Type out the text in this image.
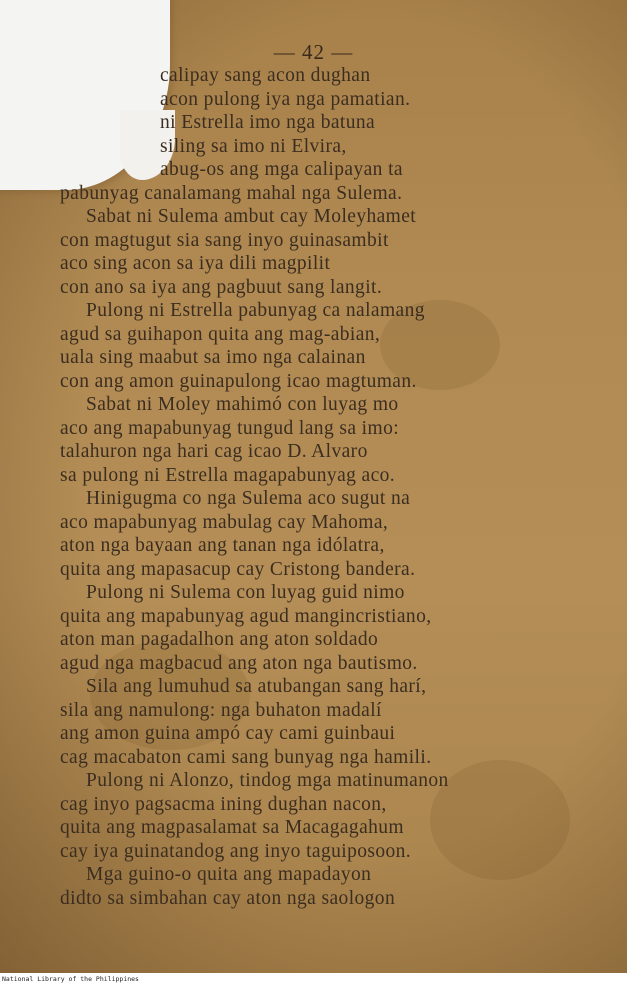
— 42 —
calipay sang acon dughan
acon pulong iya nga pamatian.
ni Estrella imo nga batuna
siling sa imo ni Elvira,
abug-os ang mga calipayan ta
pabunyag canalamang mahal nga Sulema.
Sabat ni Sulema ambut cay Moleyhamet
con magtugut sia sang inyo guinasambit
aco sing acon sa iya dili magpilit
con ano sa iya ang pagbuut sang langit.
Pulong ni Estrella pabunyag ca nalamang
agud sa guihapon quita ang mag-abian,
uala sing maabut sa imo nga calainan
con ang amon guinapulong icao magtuman.
Sabat ni Moley mahimó con luyag mo
aco ang mapabunyag tungud lang sa imo:
talahuron nga hari cag icao D. Alvaro
sa pulong ni Estrella magapabunyag aco.
Hinigugma co nga Sulema aco sugut na
aco mapabunyag mabulag cay Mahoma,
aton nga bayaan ang tanan nga idólatra,
quita ang mapasacup cay Cristong bandera.
Pulong ni Sulema con luyag guid nimo
quita ang mapabunyag agud mangincristiano,
aton man pagadalhon ang aton soldado
agud nga magbacud ang aton nga bautismo.
Sila ang lumuhud sa atubangan sang harí,
sila ang namulong: nga buhaton madalí
ang amon guina ampó cay cami guinbaui
cag macabaton cami sang bunyag nga hamili.
Pulong ni Alonzo, tindog mga matinumanon
cag inyo pagsacma ining dughan nacon,
quita ang magpasalamat sa Macagagahum
cay iya guinatandog ang inyo taguiposoon.
Mga guino-o quita ang mapadayon
didto sa simbahan cay aton nga saologon
National Library of the Philippines
